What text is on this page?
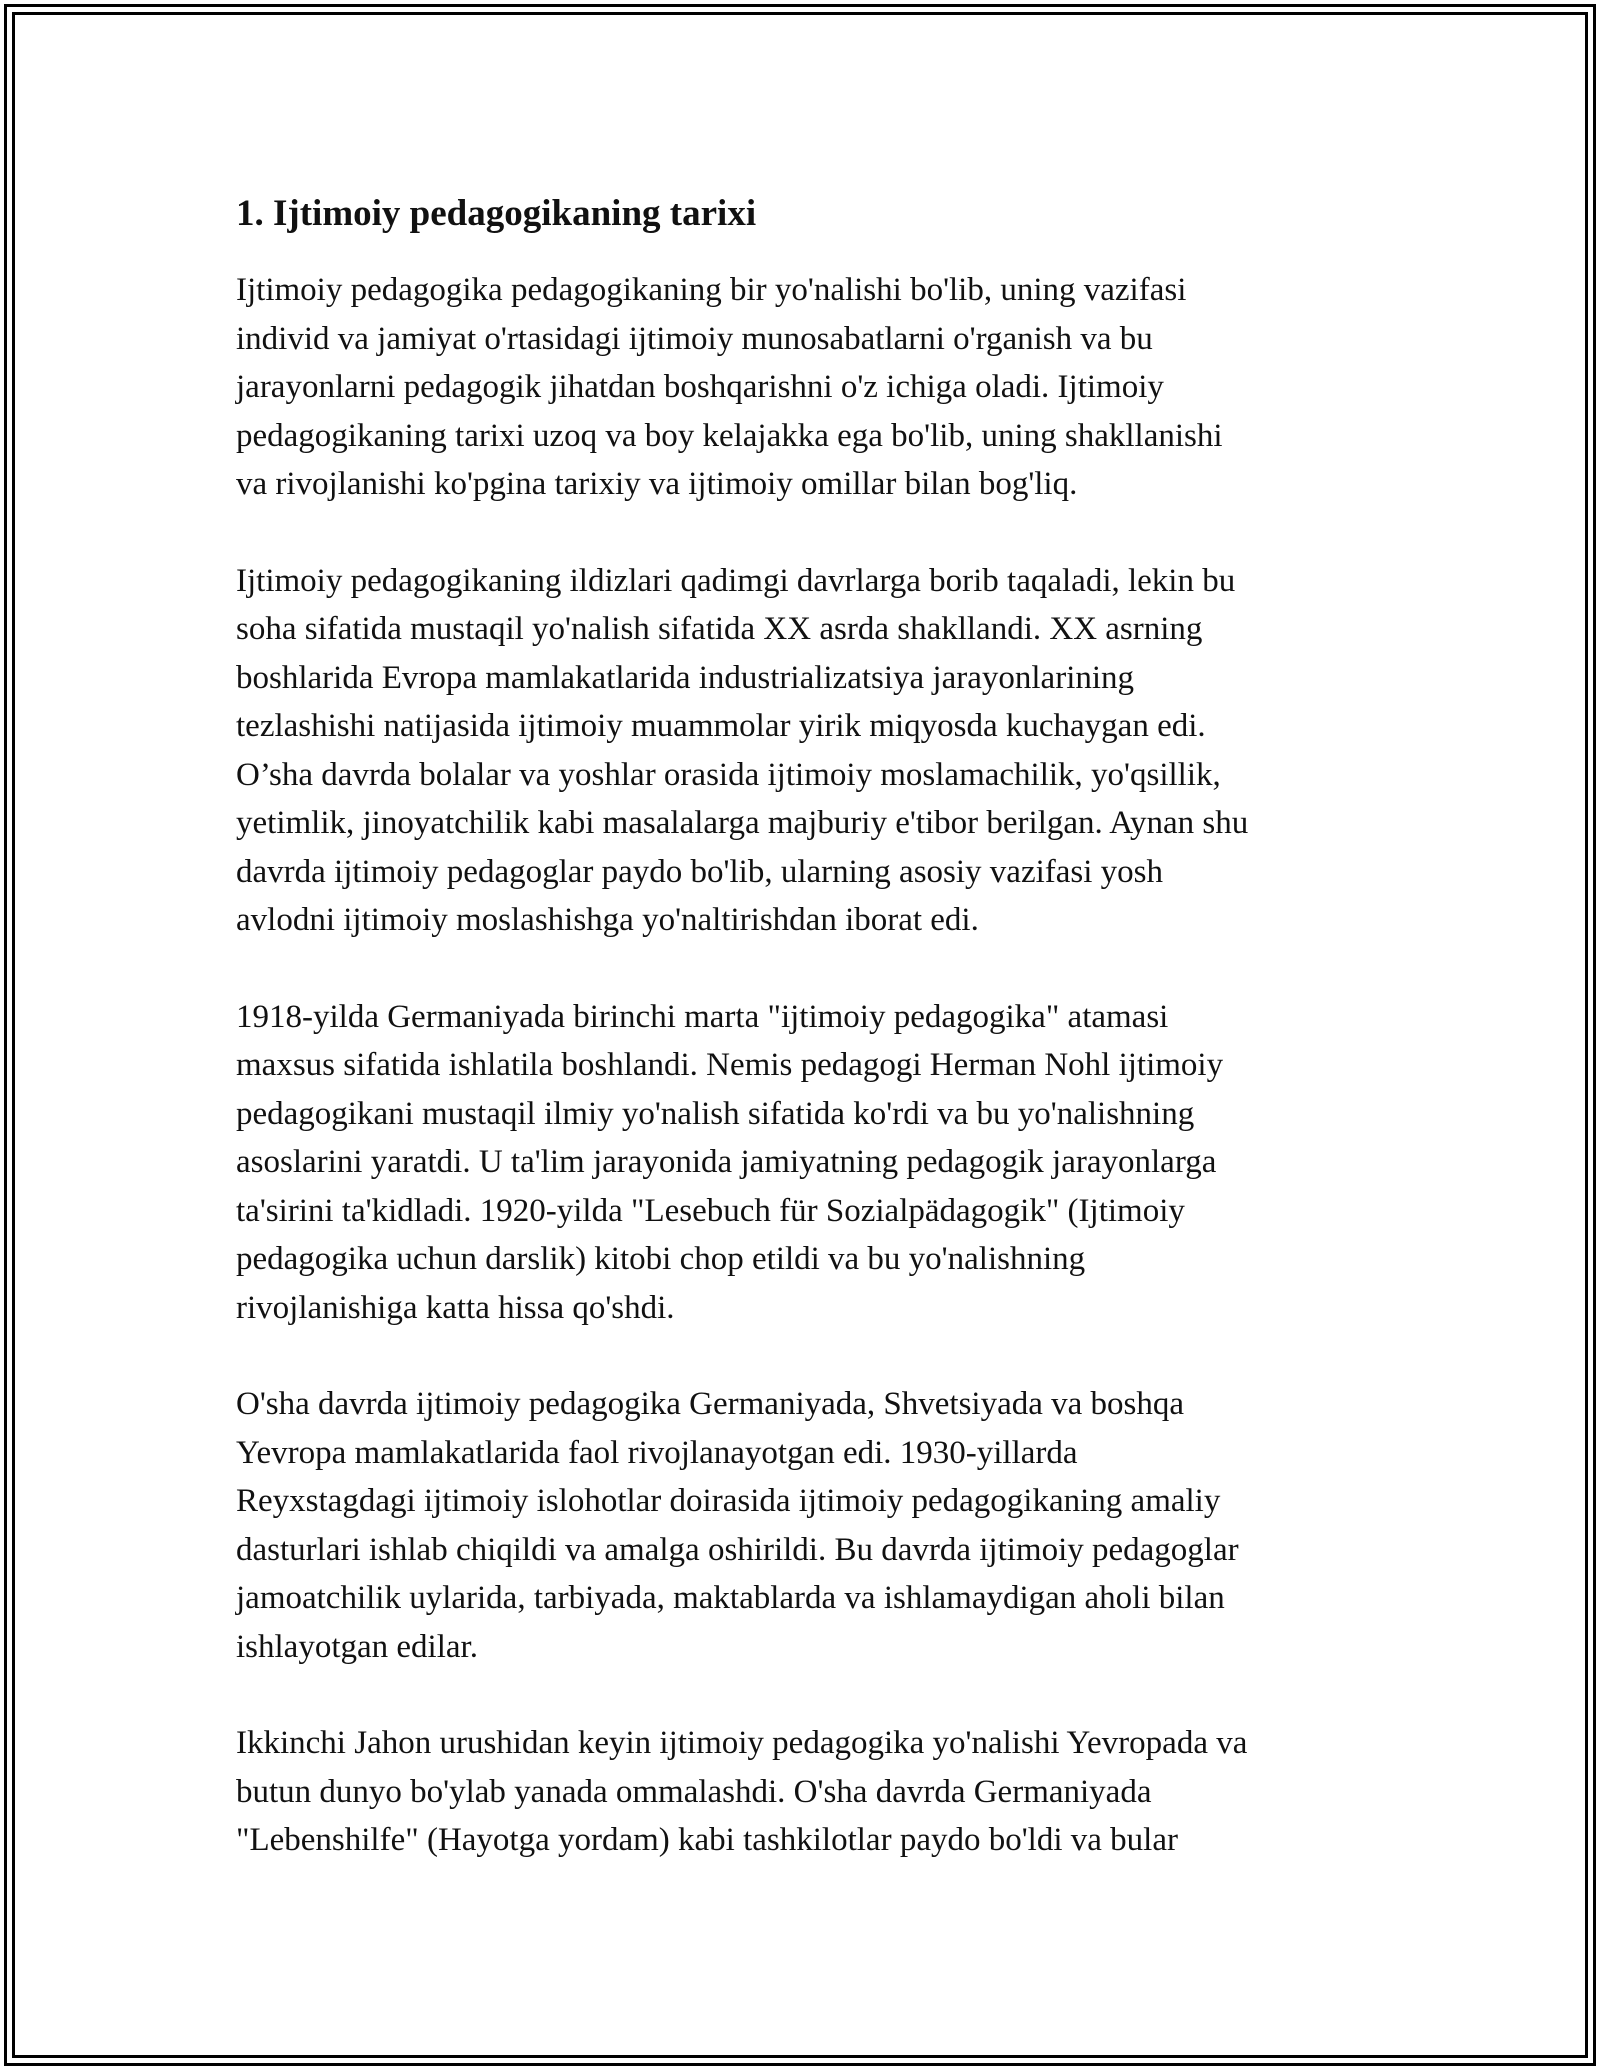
1. Ijtimoiy pedagogikaning tarixi

Ijtimoiy pedagogika pedagogikaning bir yo'nalishi bo'lib, uning vazifasi
individ va jamiyat o'rtasidagi ijtimoiy munosabatlarni o'rganish va bu
jarayonlarni pedagogik jihatdan boshqarishni o'z ichiga oladi. Ijtimoiy
pedagogikaning tarixi uzoq va boy kelajakka ega bo'lib, uning shakllanishi
va rivojlanishi ko'pgina tarixiy va ijtimoiy omillar bilan bog'liq.

Ijtimoiy pedagogikaning ildizlari qadimgi davrlarga borib taqaladi, lekin bu
soha sifatida mustaqil yo'nalish sifatida XX asrda shakllandi. XX asrning
boshlarida Evropa mamlakatlarida industrializatsiya jarayonlarining
tezlashishi natijasida ijtimoiy muammolar yirik miqyosda kuchaygan edi.
O’sha davrda bolalar va yoshlar orasida ijtimoiy moslamachilik, yo'qsillik,
yetimlik, jinoyatchilik kabi masalalarga majburiy e'tibor berilgan. Aynan shu
davrda ijtimoiy pedagoglar paydo bo'lib, ularning asosiy vazifasi yosh
avlodni ijtimoiy moslashishga yo'naltirishdan iborat edi.

1918-yilda Germaniyada birinchi marta "ijtimoiy pedagogika" atamasi
maxsus sifatida ishlatila boshlandi. Nemis pedagogi Herman Nohl ijtimoiy
pedagogikani mustaqil ilmiy yo'nalish sifatida ko'rdi va bu yo'nalishning
asoslarini yaratdi. U ta'lim jarayonida jamiyatning pedagogik jarayonlarga
ta'sirini ta'kidladi. 1920-yilda "Lesebuch für Sozialpädagogik" (Ijtimoiy
pedagogika uchun darslik) kitobi chop etildi va bu yo'nalishning
rivojlanishiga katta hissa qo'shdi.

O'sha davrda ijtimoiy pedagogika Germaniyada, Shvetsiyada va boshqa
Yevropa mamlakatlarida faol rivojlanayotgan edi. 1930-yillarda
Reyxstagdagi ijtimoiy islohotlar doirasida ijtimoiy pedagogikaning amaliy
dasturlari ishlab chiqildi va amalga oshirildi. Bu davrda ijtimoiy pedagoglar
jamoatchilik uylarida, tarbiyada, maktablarda va ishlamaydigan aholi bilan
ishlayotgan edilar.

Ikkinchi Jahon urushidan keyin ijtimoiy pedagogika yo'nalishi Yevropada va
butun dunyo bo'ylab yanada ommalashdi. O'sha davrda Germaniyada
"Lebenshilfe" (Hayotga yordam) kabi tashkilotlar paydo bo'ldi va bular
